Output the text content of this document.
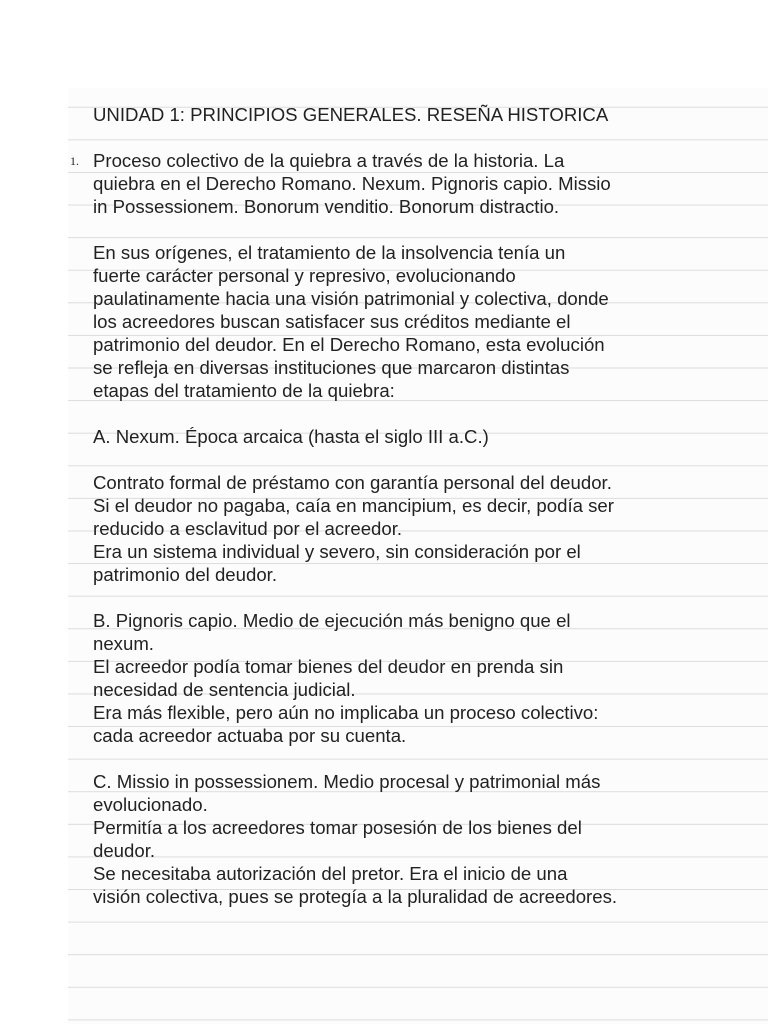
UNIDAD 1: PRINCIPIOS GENERALES. RESEÑA HISTORICA

1. Proceso colectivo de la quiebra a través de la historia. La
quiebra en el Derecho Romano. Nexum. Pignoris capio. Missio
in Possessionem. Bonorum venditio. Bonorum distractio.

En sus orígenes, el tratamiento de la insolvencia tenía un
fuerte carácter personal y represivo, evolucionando
paulatinamente hacia una visión patrimonial y colectiva, donde
los acreedores buscan satisfacer sus créditos mediante el
patrimonio del deudor. En el Derecho Romano, esta evolución
se refleja en diversas instituciones que marcaron distintas
etapas del tratamiento de la quiebra:

A. Nexum. Época arcaica (hasta el siglo III a.C.)

Contrato formal de préstamo con garantía personal del deudor.
Si el deudor no pagaba, caía en mancipium, es decir, podía ser
reducido a esclavitud por el acreedor.
Era un sistema individual y severo, sin consideración por el
patrimonio del deudor.

B. Pignoris capio. Medio de ejecución más benigno que el
nexum.
El acreedor podía tomar bienes del deudor en prenda sin
necesidad de sentencia judicial.
Era más flexible, pero aún no implicaba un proceso colectivo:
cada acreedor actuaba por su cuenta.

C. Missio in possessionem. Medio procesal y patrimonial más
evolucionado.
Permitía a los acreedores tomar posesión de los bienes del
deudor.
Se necesitaba autorización del pretor. Era el inicio de una
visión colectiva, pues se protegía a la pluralidad de acreedores.
